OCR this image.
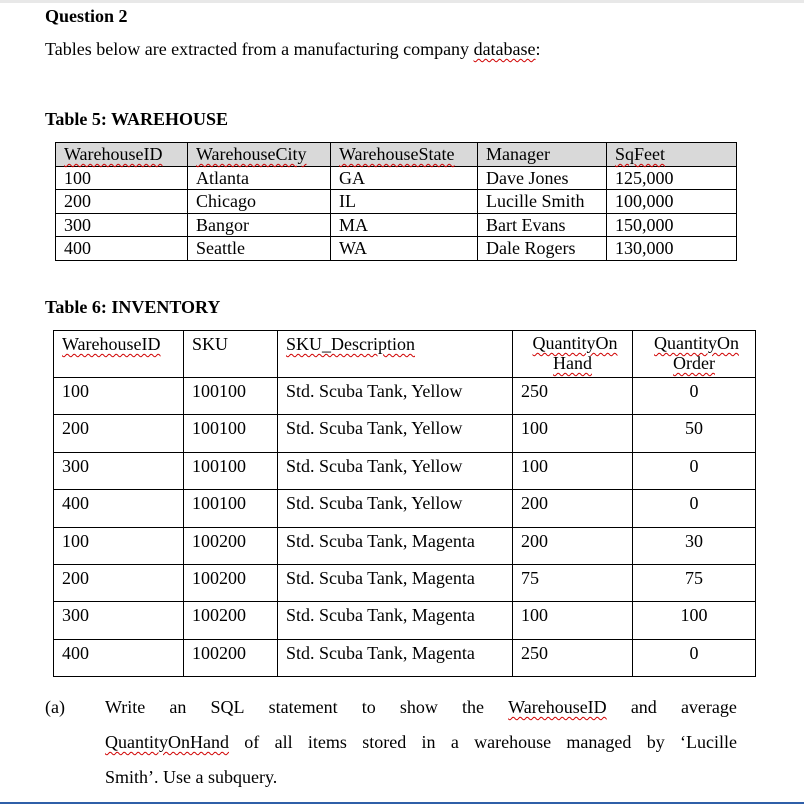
Question 2
Tables below are extracted from a manufacturing company database:
Table 5: WAREHOUSE
WarehouseID	WarehouseCity	WarehouseState	Manager	SqFeet
100	Atlanta	GA	Dave Jones	125,000
200	Chicago	IL	Lucille Smith	100,000
300	Bangor	MA	Bart Evans	150,000
400	Seattle	WA	Dale Rogers	130,000
Table 6: INVENTORY
WarehouseID	SKU	SKU_Description	QuantityOn Hand	QuantityOn Order
100	100100	Std. Scuba Tank, Yellow	250	0
200	100100	Std. Scuba Tank, Yellow	100	50
300	100100	Std. Scuba Tank, Yellow	100	0
400	100100	Std. Scuba Tank, Yellow	200	0
100	100200	Std. Scuba Tank, Magenta	200	30
200	100200	Std. Scuba Tank, Magenta	75	75
300	100200	Std. Scuba Tank, Magenta	100	100
400	100200	Std. Scuba Tank, Magenta	250	0
(a) Write an SQL statement to show the WarehouseID and average
QuantityOnHand of all items stored in a warehouse managed by ‘Lucille
Smith’. Use a subquery.
